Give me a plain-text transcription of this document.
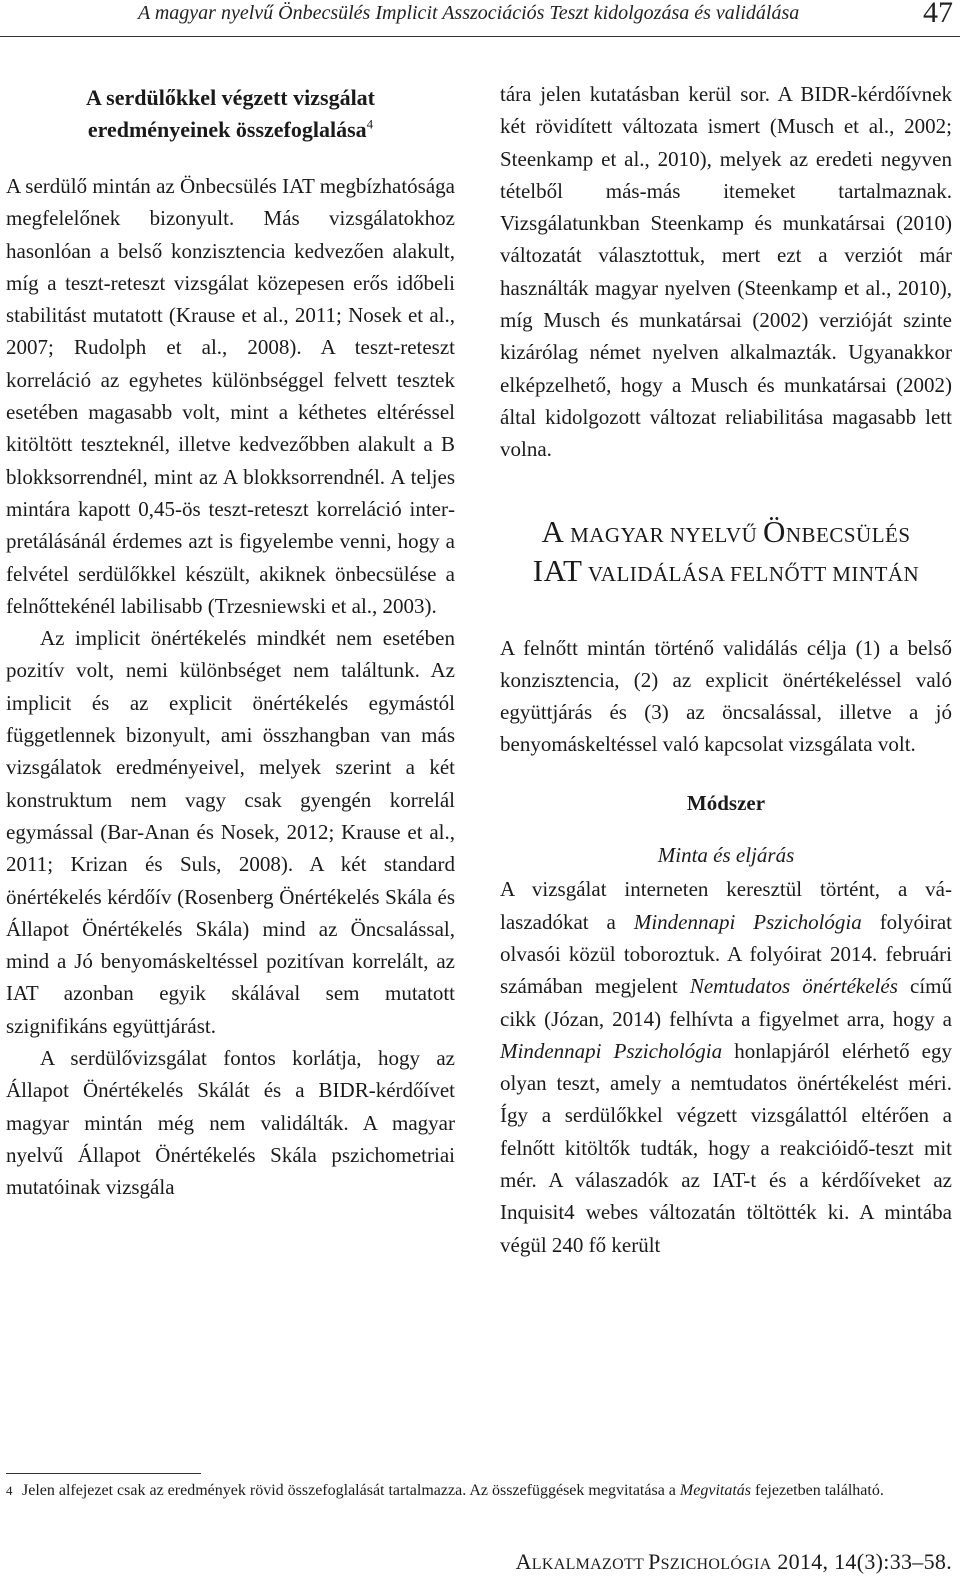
A magyar nyelvű Önbecsülés Implicit Asszociációs Teszt kidolgozása és validálása	47

A serdülőkkel végzett vizsgálat
eredményeinek összefoglalása$^4$

A serdülő mintán az Önbecsülés IAT megbízhatósága megfelelőnek bizonyult. Más vizsgálatokhoz hasonlóan a belső konzisztencia kedvezően alakult, míg a teszt-reteszt vizsgálat közepesen erős időbeli stabilitást mutatott (Krause et al., 2011; Nosek et al., 2007; Rudolph et al., 2008). A teszt-reteszt korreláció az egyhetes különbséggel felvett tesztek esetében magasabb volt, mint a kéthetes eltéréssel kitöltött teszteknél, illetve kedvezőbben alakult a B blokksorrendnél, mint az A blokksorrendnél. A teljes mintára kapott 0,45-ös teszt-reteszt korreláció interpretálásánál érdemes azt is figyelembe venni, hogy a felvétel serdülőkkel készült, akiknek önbecsülése a felnőttekénél labilisabb (Trzesniewski et al., 2003).

Az implicit önértékelés mindkét nem esetében pozitív volt, nemi különbséget nem találtunk. Az implicit és az explicit önértékelés egymástól függetlennek bizonyult, ami összhangban van más vizsgálatok eredményeivel, melyek szerint a két konstruktum nem vagy csak gyengén korrelál egymással (Bar-Anan és Nosek, 2012; Krause et al., 2011; Krizan és Suls, 2008). A két standard önértékelés kérdőív (Rosenberg Önértékelés Skála és Állapot Önértékelés Skála) mind az Öncsalással, mind a Jó benyomáskeltéssel pozitívan korrelált, az IAT azonban egyik skálával sem mutatott szignifikáns együttjárást.

A serdülővizsgálat fontos korlátja, hogy az Állapot Önértékelés Skálát és a BIDR-kérdőívet magyar mintán még nem validálták. A magyar nyelvű Állapot Önértékelés Skála pszichometriai mutatóinak vizsgála

tára jelen kutatásban kerül sor. A BIDR-kérdőívnek két rövidített változata ismert (Musch et al., 2002; Steenkamp et al., 2010), melyek az eredeti negyven tételből más-más itemeket tartalmaznak. Vizsgálatunkban Steenkamp és munkatársai (2010) változatát választottuk, mert ezt a verziót már használták magyar nyelven (Steenkamp et al., 2010), míg Musch és munkatársai (2002) verzióját szinte kizárólag német nyelven alkalmazták. Ugyanakkor elképzelhető, hogy a Musch és munkatársai (2002) által kidolgozott változat reliabilitása magasabb lett volna.

A MAGYAR NYELVŰ ÖNBECSÜLÉS
IAT VALIDÁLÁSA FELNŐTT MINTÁN

A felnőtt mintán történő validálás célja (1) a belső konzisztencia, (2) az explicit önértékeléssel való együttjárás és (3) az öncsalással, illetve a jó benyomáskeltéssel való kapcsolat vizsgálata volt.

Módszer

Minta és eljárás

A vizsgálat interneten keresztül történt, a válaszadókat a Mindennapi Pszichológia folyóirat olvasói közül toboroztuk. A folyóirat 2014. februári számában megjelent Nemtudatos önértékelés című cikk (Józan, 2014) felhívta a figyelmet arra, hogy a Mindennapi Pszichológia honlapjáról elérhető egy olyan teszt, amely a nemtudatos önértékelést méri. Így a serdülőkkel végzett vizsgálattól eltérően a felnőtt kitöltők tudták, hogy a reakcióidő-teszt mit mér. A válaszadók az IAT-t és a kérdőíveket az Inquisit4 webes változatán töltötték ki. A mintába végül 240 fő került

4 Jelen alfejezet csak az eredmények rövid összefoglalását tartalmazza. Az összefüggések megvitatása a Megvitatás fejezetben található.
ALKALMAZOTT PSZICHOLÓGIA 2014, 14(3):33–58.
